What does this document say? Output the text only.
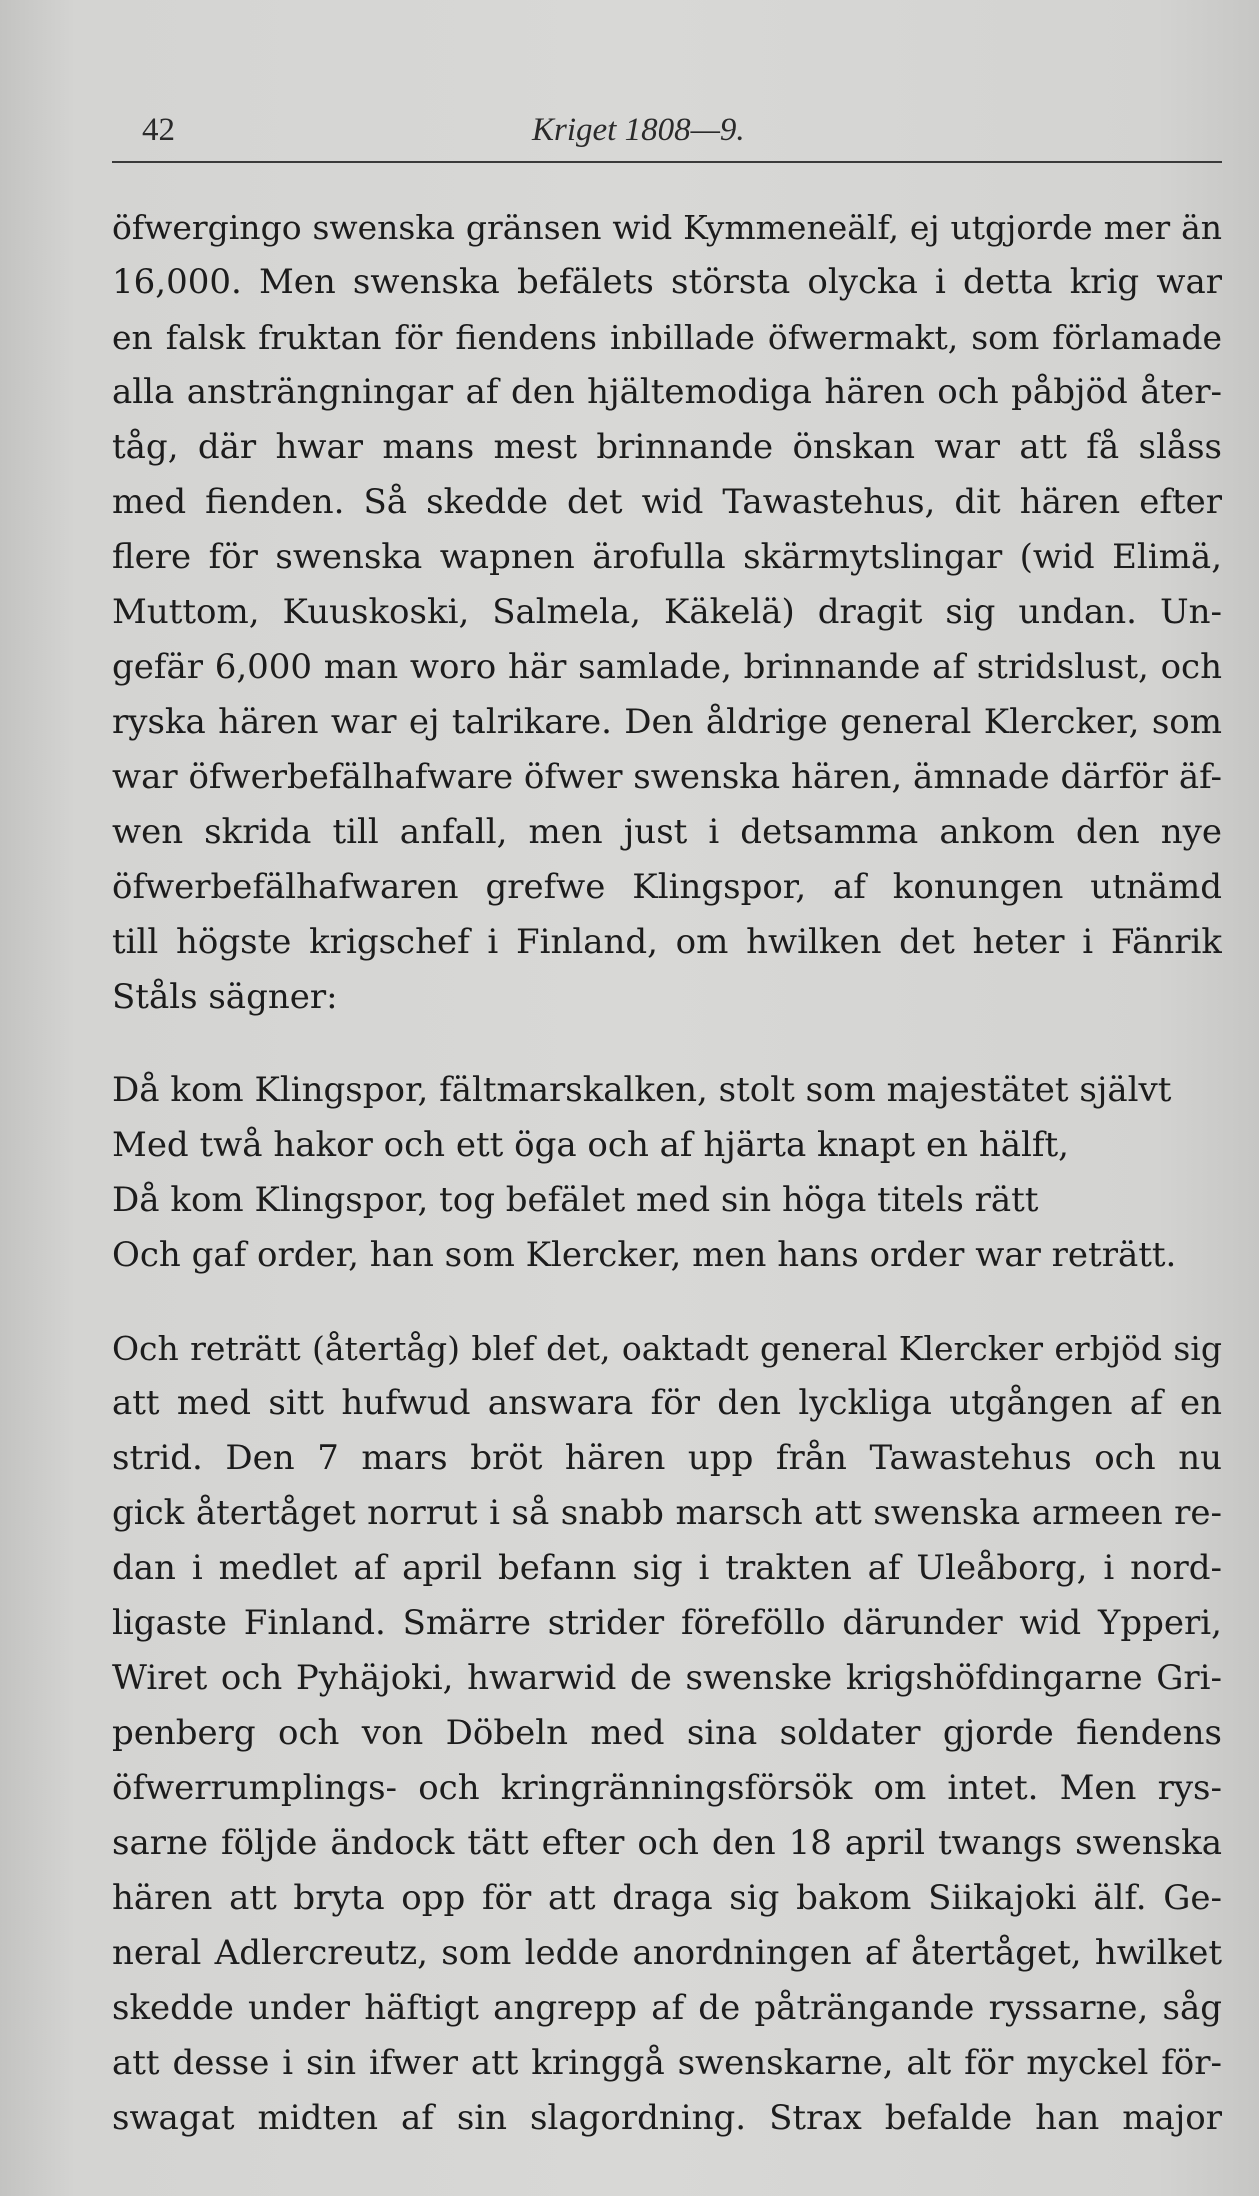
42	Kriget 1808—9.
öfwergingo swenska gränsen wid Kymmeneälf, ej utgjorde mer än
16,000. Men swenska befälets största olycka i detta krig war
en falsk fruktan för fiendens inbillade öfwermakt, som förlamade
alla ansträngningar af den hjältemodiga hären och påbjöd åter-
tåg, där hwar mans mest brinnande önskan war att få slåss
med fienden. Så skedde det wid Tawastehus, dit hären efter
flere för swenska wapnen ärofulla skärmytslingar (wid Elimä,
Muttom, Kuuskoski, Salmela, Käkelä) dragit sig undan. Un-
gefär 6,000 man woro här samlade, brinnande af stridslust, och
ryska hären war ej talrikare. Den åldrige general Klercker, som
war öfwerbefälhafware öfwer swenska hären, ämnade därför äf-
wen skrida till anfall, men just i detsamma ankom den nye
öfwerbefälhafwaren grefwe Klingspor, af konungen utnämd
till högste krigschef i Finland, om hwilken det heter i Fänrik
Ståls sägner:
Då kom Klingspor, fältmarskalken, stolt som majestätet självt
Med twå hakor och ett öga och af hjärta knapt en hälft,
Då kom Klingspor, tog befälet med sin höga titels rätt
Och gaf order, han som Klercker, men hans order war reträtt.
Och reträtt (återtåg) blef det, oaktadt general Klercker erbjöd sig
att med sitt hufwud answara för den lyckliga utgången af en
strid. Den 7 mars bröt hären upp från Tawastehus och nu
gick återtåget norrut i så snabb marsch att swenska armeen re-
dan i medlet af april befann sig i trakten af Uleåborg, i nord-
ligaste Finland. Smärre strider föreföllo därunder wid Ypperi,
Wiret och Pyhäjoki, hwarwid de swenske krigshöfdingarne Gri-
penberg och von Döbeln med sina soldater gjorde fiendens
öfwerrumplings- och kringränningsförsök om intet. Men rys-
sarne följde ändock tätt efter och den 18 april twangs swenska
hären att bryta opp för att draga sig bakom Siikajoki älf. Ge-
neral Adlercreutz, som ledde anordningen af återtåget, hwilket
skedde under häftigt angrepp af de påträngande ryssarne, såg
att desse i sin ifwer att kringgå swenskarne, alt för myckel för-
swagat midten af sin slagordning. Strax befalde han major
